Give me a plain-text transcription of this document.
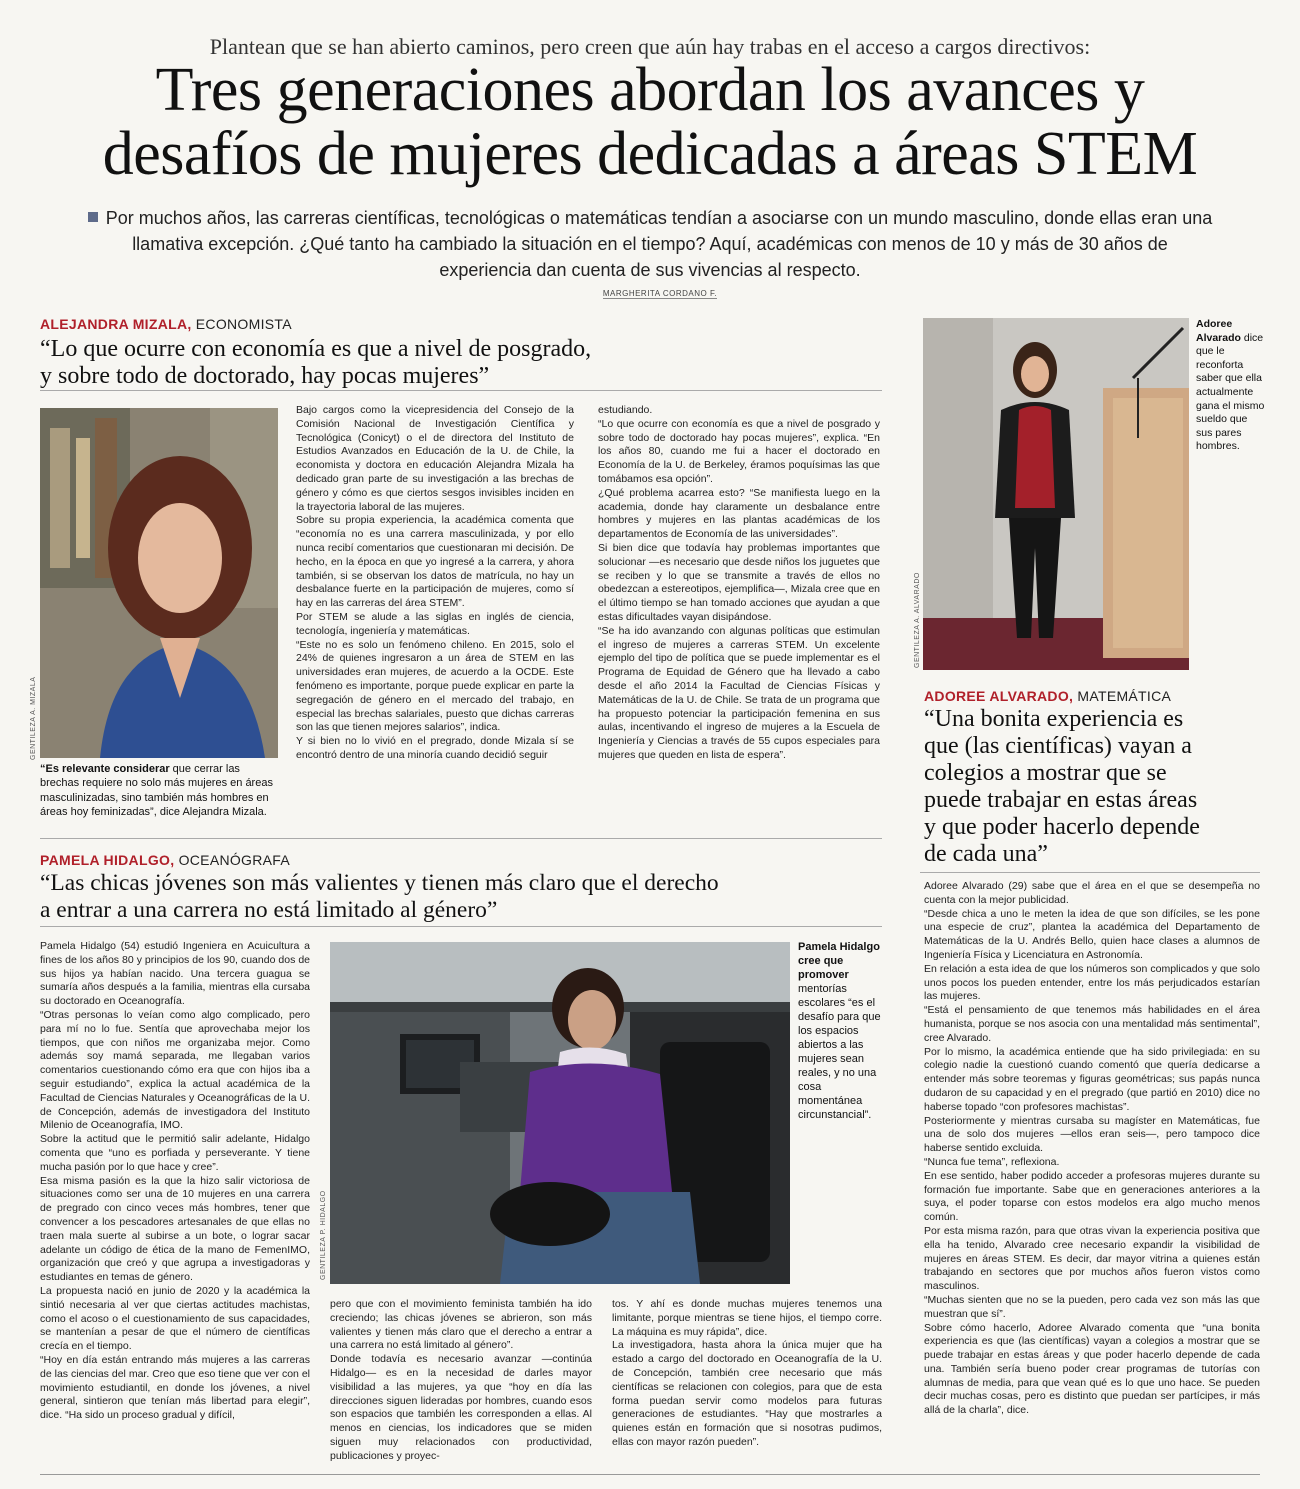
Plantean que se han abierto caminos, pero creen que aún hay trabas en el acceso a cargos directivos:
Tres generaciones abordan los avances y
desafíos de mujeres dedicadas a áreas STEM
Por muchos años, las carreras científicas, tecnológicas o matemáticas tendían a asociarse con un mundo masculino, donde ellas eran una
llamativa excepción. ¿Qué tanto ha cambiado la situación en el tiempo? Aquí, académicas con menos de 10 y más de 30 años de
experiencia dan cuenta de sus vivencias al respecto.
MARGHERITA CORDANO F.
ALEJANDRA MIZALA, ECONOMISTA
“Lo que ocurre con economía es que a nivel de posgrado,
y sobre todo de doctorado, hay pocas mujeres”
GENTILEZA A. MIZALA
“Es relevante considerar que cerrar las brechas requiere no solo más mujeres en áreas masculinizadas, sino también más hombres en áreas hoy feminizadas”, dice Alejandra Mizala.

Bajo cargos como la vicepresidencia del Consejo de la Comisión Nacional de Investigación Científica y Tecnológica (Conicyt) o el de directora del Instituto de Estudios Avanzados en Educación de la U. de Chile, la economista y doctora en educación Alejandra Mizala ha dedicado gran parte de su investigación a las brechas de género y cómo es que ciertos sesgos invisibles inciden en la trayectoria laboral de las mujeres.

Sobre su propia experiencia, la académica comenta que “economía no es una carrera masculinizada, y por ello nunca recibí comentarios que cuestionaran mi decisión. De hecho, en la época en que yo ingresé a la carrera, y ahora también, si se observan los datos de matrícula, no hay un desbalance fuerte en la participación de mujeres, como sí hay en las carreras del área STEM”.

Por STEM se alude a las siglas en inglés de ciencia, tecnología, ingeniería y matemáticas.

“Este no es solo un fenómeno chileno. En 2015, solo el 24% de quienes ingresaron a un área de STEM en las universidades eran mujeres, de acuerdo a la OCDE. Este fenómeno es importante, porque puede explicar en parte la segregación de género en el mercado del trabajo, en especial las brechas salariales, puesto que dichas carreras son las que tienen mejores salarios”, indica.

Y si bien no lo vivió en el pregrado, donde Mizala sí se encontró dentro de una minoría cuando decidió seguir

estudiando.

“Lo que ocurre con economía es que a nivel de posgrado y sobre todo de doctorado hay pocas mujeres”, explica. “En los años 80, cuando me fui a hacer el doctorado en Economía de la U. de Berkeley, éramos poquísimas las que tomábamos esa opción”.

¿Qué problema acarrea esto? “Se manifiesta luego en la academia, donde hay claramente un desbalance entre hombres y mujeres en las plantas académicas de los departamentos de Economía de las universidades”.

Si bien dice que todavía hay problemas importantes que solucionar —es necesario que desde niños los juguetes que se reciben y lo que se transmite a través de ellos no obedezcan a estereotipos, ejemplifica—, Mizala cree que en el último tiempo se han tomado acciones que ayudan a que estas dificultades vayan disipándose.

“Se ha ido avanzando con algunas políticas que estimulan el ingreso de mujeres a carreras STEM. Un excelente ejemplo del tipo de política que se puede implementar es el Programa de Equidad de Género que ha llevado a cabo desde el año 2014 la Facultad de Ciencias Físicas y Matemáticas de la U. de Chile. Se trata de un programa que ha propuesto potenciar la participación femenina en sus aulas, incentivando el ingreso de mujeres a la Escuela de Ingeniería y Ciencias a través de 55 cupos especiales para mujeres que queden en lista de espera”.

GENTILEZA A. ALVARADO
Adoree Alvarado dice que le reconforta saber que ella actualmente gana el mismo sueldo que sus pares hombres.
ADOREE ALVARADO, MATEMÁTICA
“Una bonita experiencia es
que (las científicas) vayan a
colegios a mostrar que se
puede trabajar en estas áreas
y que poder hacerlo depende
de cada una”

Adoree Alvarado (29) sabe que el área en el que se desempeña no cuenta con la mejor publicidad.

“Desde chica a uno le meten la idea de que son difíciles, se les pone una especie de cruz”, plantea la académica del Departamento de Matemáticas de la U. Andrés Bello, quien hace clases a alumnos de Ingeniería Física y Licenciatura en Astronomía.

En relación a esta idea de que los números son complicados y que solo unos pocos los pueden entender, entre los más perjudicados estarían las mujeres.

“Está el pensamiento de que tenemos más habilidades en el área humanista, porque se nos asocia con una mentalidad más sentimental”, cree Alvarado.

Por lo mismo, la académica entiende que ha sido privilegiada: en su colegio nadie la cuestionó cuando comentó que quería dedicarse a entender más sobre teoremas y figuras geométricas; sus papás nunca dudaron de su capacidad y en el pregrado (que partió en 2010) dice no haberse topado “con profesores machistas”.

Posteriormente y mientras cursaba su magíster en Matemáticas, fue una de solo dos mujeres —ellos eran seis—, pero tampoco dice haberse sentido excluida.

“Nunca fue tema”, reflexiona.

En ese sentido, haber podido acceder a profesoras mujeres durante su formación fue importante. Sabe que en generaciones anteriores a la suya, el poder toparse con estos modelos era algo mucho menos común.

Por esta misma razón, para que otras vivan la experiencia positiva que ella ha tenido, Alvarado cree necesario expandir la visibilidad de mujeres en áreas STEM. Es decir, dar mayor vitrina a quienes están trabajando en sectores que por muchos años fueron vistos como masculinos.

“Muchas sienten que no se la pueden, pero cada vez son más las que muestran que sí”.

Sobre cómo hacerlo, Adoree Alvarado comenta que “una bonita experiencia es que (las científicas) vayan a colegios a mostrar que se puede trabajar en estas áreas y que poder hacerlo depende de cada una. También sería bueno poder crear programas de tutorías con alumnas de media, para que vean qué es lo que uno hace. Se pueden decir muchas cosas, pero es distinto que puedan ser partícipes, ir más allá de la charla”, dice.

PAMELA HIDALGO, OCEANÓGRAFA
“Las chicas jóvenes son más valientes y tienen más claro que el derecho
a entrar a una carrera no está limitado al género”

Pamela Hidalgo (54) estudió Ingeniera en Acuicultura a fines de los años 80 y principios de los 90, cuando dos de sus hijos ya habían nacido. Una tercera guagua se sumaría años después a la familia, mientras ella cursaba su doctorado en Oceanografía.

“Otras personas lo veían como algo complicado, pero para mí no lo fue. Sentía que aprovechaba mejor los tiempos, que con niños me organizaba mejor. Como además soy mamá separada, me llegaban varios comentarios cuestionando cómo era que con hijos iba a seguir estudiando”, explica la actual académica de la Facultad de Ciencias Naturales y Oceanográficas de la U. de Concepción, además de investigadora del Instituto Milenio de Oceanografía, IMO.

Sobre la actitud que le permitió salir adelante, Hidalgo comenta que “uno es porfiada y perseverante. Y tiene mucha pasión por lo que hace y cree”.

Esa misma pasión es la que la hizo salir victoriosa de situaciones como ser una de 10 mujeres en una carrera de pregrado con cinco veces más hombres, tener que convencer a los pescadores artesanales de que ellas no traen mala suerte al subirse a un bote, o lograr sacar adelante un código de ética de la mano de FemenIMO, organización que creó y que agrupa a investigadoras y estudiantes en temas de género.

La propuesta nació en junio de 2020 y la académica la sintió necesaria al ver que ciertas actitudes machistas, como el acoso o el cuestionamiento de sus capacidades, se mantenían a pesar de que el número de científicas crecía en el tiempo.

“Hoy en día están entrando más mujeres a las carreras de las ciencias del mar. Creo que eso tiene que ver con el movimiento estudiantil, en donde los jóvenes, a nivel general, sintieron que tenían más libertad para elegir”, dice. “Ha sido un proceso gradual y difícil,

GENTILEZA P. HIDALGO
Pamela Hidalgo cree que promover mentorías escolares “es el desafío para que los espacios abiertos a las mujeres sean reales, y no una cosa momentánea circunstancial”.

pero que con el movimiento feminista también ha ido creciendo; las chicas jóvenes se abrieron, son más valientes y tienen más claro que el derecho a entrar a una carrera no está limitado al género”.

Donde todavía es necesario avanzar —continúa Hidalgo— es en la necesidad de darles mayor visibilidad a las mujeres, ya que “hoy en día las direcciones siguen lideradas por hombres, cuando esos son espacios que también les corresponden a ellas. Al menos en ciencias, los indicadores que se miden siguen muy relacionados con productividad, publicaciones y proyec-

tos. Y ahí es donde muchas mujeres tenemos una limitante, porque mientras se tiene hijos, el tiempo corre. La máquina es muy rápida”, dice.

La investigadora, hasta ahora la única mujer que ha estado a cargo del doctorado en Oceanografía de la U. de Concepción, también cree necesario que más científicas se relacionen con colegios, para que de esta forma puedan servir como modelos para futuras generaciones de estudiantes. “Hay que mostrarles a quienes están en formación que si nosotras pudimos, ellas con mayor razón pueden”.
